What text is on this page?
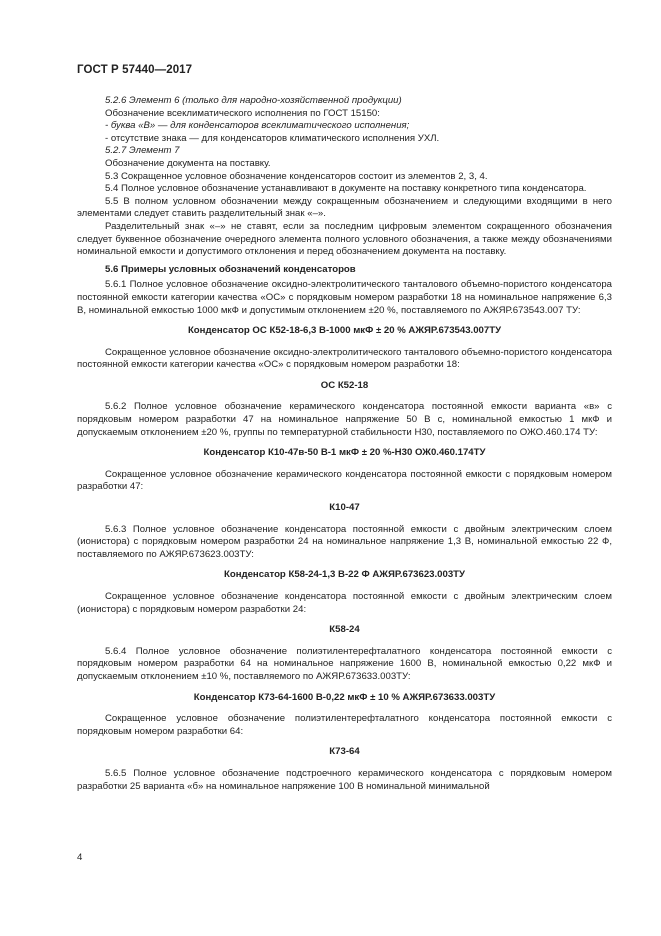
ГОСТ Р 57440—2017

5.2.6 Элемент 6 (только для народно-хозяйственной продукции)

Обозначение всеклиматического исполнения по ГОСТ 15150:

- буква «В» — для конденсаторов всеклиматического исполнения;

- отсутствие знака — для конденсаторов климатического исполнения УХЛ.

5.2.7 Элемент 7

Обозначение документа на поставку.

5.3 Сокращенное условное обозначение конденсаторов состоит из элементов 2, 3, 4.

5.4 Полное условное обозначение устанавливают в документе на поставку конкретного типа конденсатора.

5.5 В полном условном обозначении между сокращенным обозначением и следующими входящими в него элементами следует ставить разделительный знак «–».

Разделительный знак «–» не ставят, если за последним цифровым элементом сокращенного обозначения следует буквенное обозначение очередного элемента полного условного обозначения, а также между обозначениями номинальной емкости и допустимого отклонения и перед обозначением документа на поставку.

5.6 Примеры условных обозначений конденсаторов

5.6.1 Полное условное обозначение оксидно-электролитического танталового объемно-пористого конденсатора постоянной емкости категории качества «ОС» с порядковым номером разработки 18 на номинальное напряжение 6,3 В, номинальной емкостью 1000 мкФ и допустимым отклонением ±20 %, поставляемого по АЖЯР.673543.007 ТУ:

Конденсатор ОС К52-18-6,3 В-1000 мкФ ± 20 % АЖЯР.673543.007ТУ

Сокращенное условное обозначение оксидно-электролитического танталового объемно-пористого конденсатора постоянной емкости категории качества «ОС» с порядковым номером разработки 18:

ОС К52-18

5.6.2 Полное условное обозначение керамического конденсатора постоянной емкости варианта «в» с порядковым номером разработки 47 на номинальное напряжение 50 В с, номинальной емкостью 1 мкФ и допускаемым отклонением ±20 %, группы по температурной стабильности Н30, поставляемого по ОЖО.460.174 ТУ:

Конденсатор К10-47в-50 В-1 мкФ ± 20 %-Н30 ОЖ0.460.174ТУ

Сокращенное условное обозначение керамического конденсатора постоянной емкости с порядковым номером разработки 47:

К10-47

5.6.3 Полное условное обозначение конденсатора постоянной емкости с двойным электрическим слоем (ионистора) с порядковым номером разработки 24 на номинальное напряжение 1,3 В, номинальной емкостью 22 Ф, поставляемого по АЖЯР.673623.003ТУ:

Конденсатор К58-24-1,3 В-22 Ф АЖЯР.673623.003ТУ

Сокращенное условное обозначение конденсатора постоянной емкости с двойным электрическим слоем (ионистора) с порядковым номером разработки 24:

К58-24

5.6.4 Полное условное обозначение полиэтилентерефталатного конденсатора постоянной емкости с порядковым номером разработки 64 на номинальное напряжение 1600 В, номинальной емкостью 0,22 мкФ и допускаемым отклонением ±10 %, поставляемого по АЖЯР.673633.003ТУ:

Конденсатор К73-64-1600 В-0,22 мкФ ± 10 % АЖЯР.673633.003ТУ

Сокращенное условное обозначение полиэтилентерефталатного конденсатора постоянной емкости с порядковым номером разработки 64:

К73-64

5.6.5 Полное условное обозначение подстроечного керамического конденсатора с порядковым номером разработки 25 варианта «б» на номинальное напряжение 100 В номинальной минимальной

4
